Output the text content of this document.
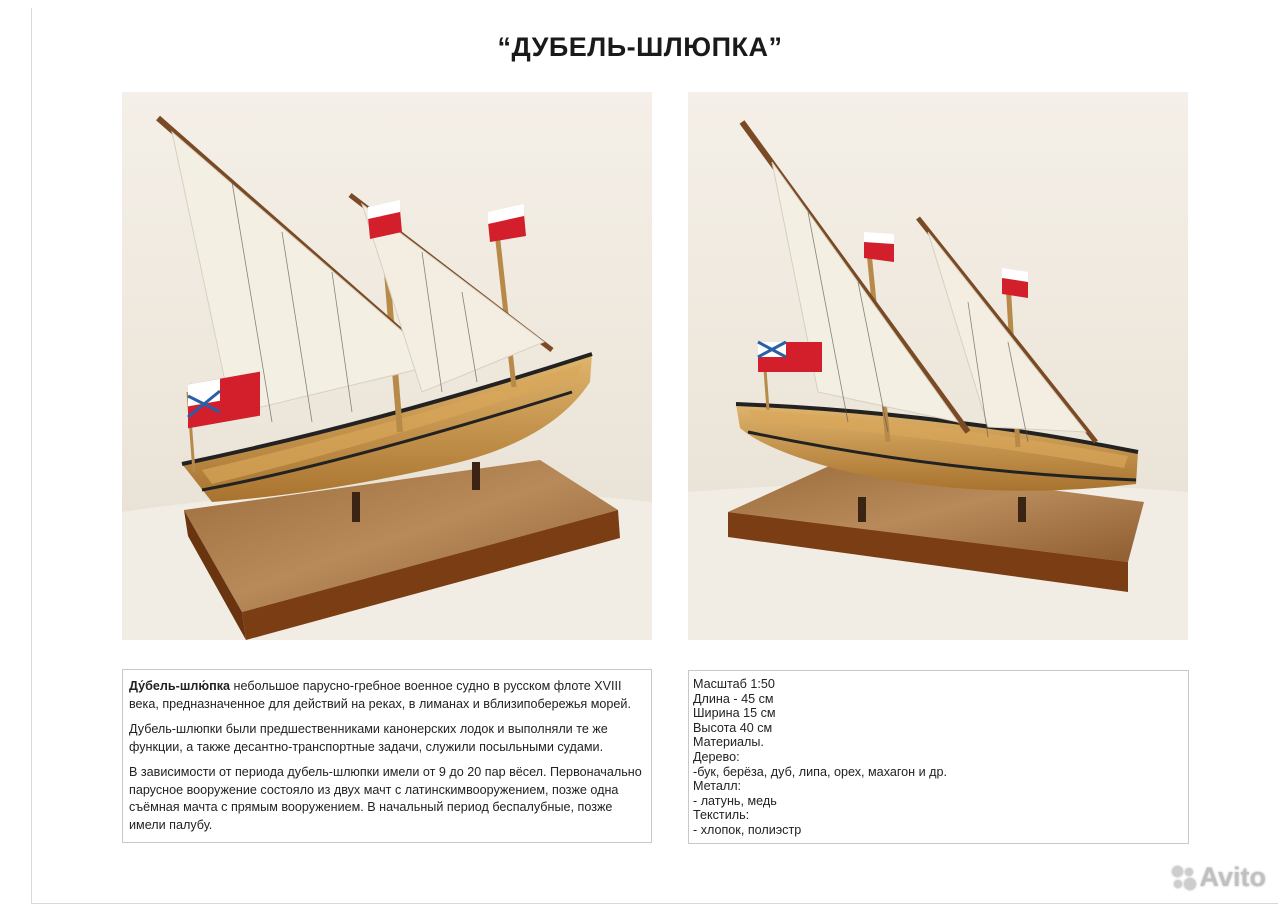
“ДУБЕЛЬ-ШЛЮПКА”

Ду́бель-шлю́пка небольшое парусно-гребное военное судно в русском флоте XVIII века, предназначенное для действий на реках, в лиманах и вблизипобережья морей.

Дубель-шлюпки были предшественниками канонерских лодок и выполняли те же функции, а также десантно-транспортные задачи, служили посыльными судами.

В зависимости от периода дубель-шлюпки имели от 9 до 20 пар вёсел. Первоначально парусное вооружение состояло из двух мачт с латинскимвооружением, позже одна съёмная мачта с прямым вооружением. В начальный период беспалубные, позже имели палубу.

Масштаб 1:50
Длина - 45 см
Ширина 15 см
Высота 40 см
Материалы.
Дерево:
-бук, берёза, дуб, липа, орех, махагон и др.
Металл:
- латунь, медь
Текстиль:
- хлопок, полиэстр
Avito
